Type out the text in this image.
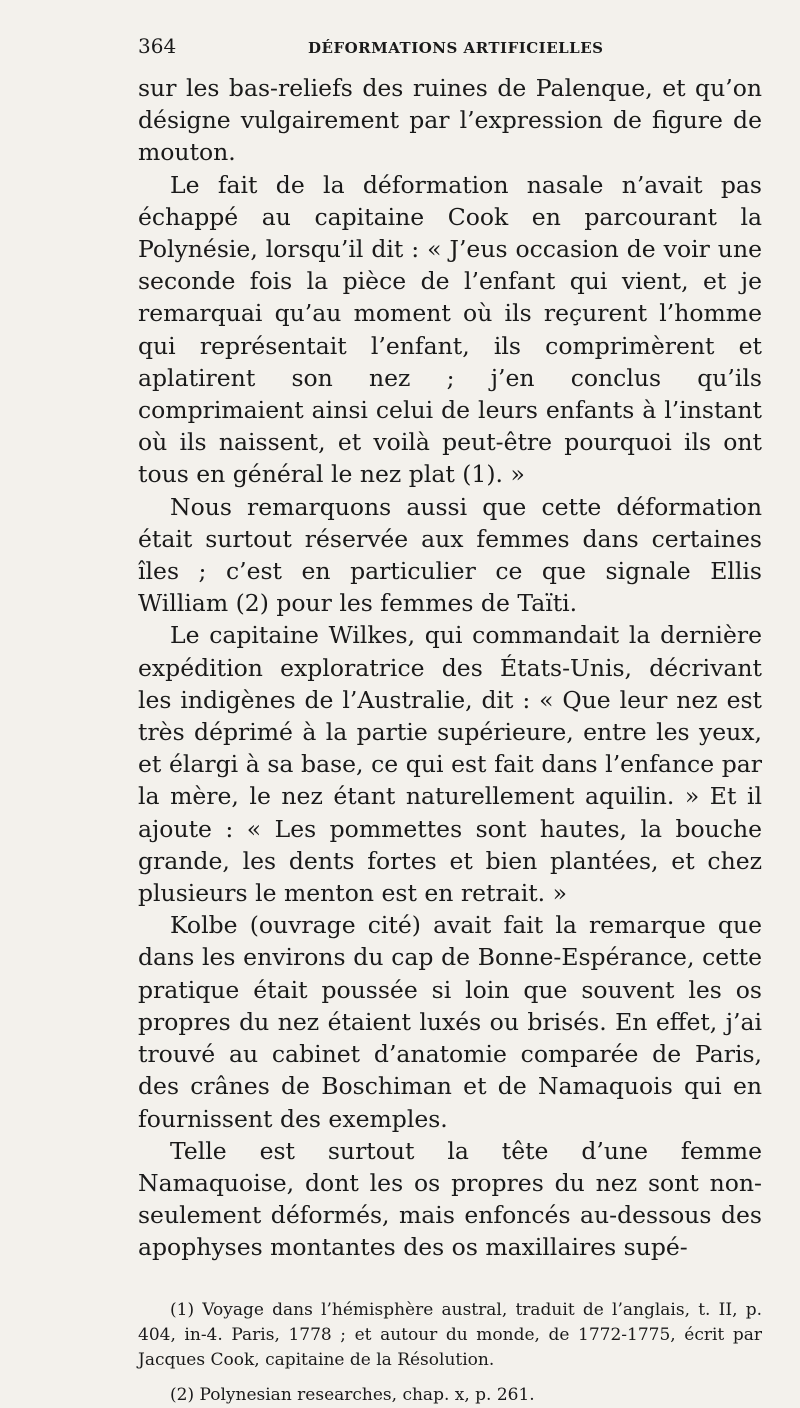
364	DÉFORMATIONS ARTIFICIELLES

sur les bas-reliefs des ruines de Palenque, et qu’on désigne vulgairement par l’expression de figure de mouton.

Le fait de la déformation nasale n’avait pas échappé au capitaine Cook en parcourant la Polynésie, lorsqu’il dit : « J’eus occasion de voir une seconde fois la pièce de l’enfant qui vient, et je remarquai qu’au moment où ils reçurent l’homme qui représentait l’enfant, ils comprimèrent et aplatirent son nez ; j’en conclus qu’ils comprimaient ainsi celui de leurs enfants à l’instant où ils naissent, et voilà peut-être pourquoi ils ont tous en général le nez plat (1). »

Nous remarquons aussi que cette déformation était surtout réservée aux femmes dans certaines îles ; c’est en particulier ce que signale Ellis William (2) pour les femmes de Taïti.

Le capitaine Wilkes, qui commandait la dernière expédition exploratrice des États-Unis, décrivant les indigènes de l’Australie, dit : « Que leur nez est très déprimé à la partie supérieure, entre les yeux, et élargi à sa base, ce qui est fait dans l’enfance par la mère, le nez étant naturellement aquilin. » Et il ajoute : « Les pommettes sont hautes, la bouche grande, les dents fortes et bien plantées, et chez plusieurs le menton est en retrait. »

Kolbe (ouvrage cité) avait fait la remarque que dans les environs du cap de Bonne-Espérance, cette pratique était poussée si loin que souvent les os propres du nez étaient luxés ou brisés. En effet, j’ai trouvé au cabinet d’anatomie comparée de Paris, des crânes de Boschiman et de Namaquois qui en fournissent des exemples.

Telle est surtout la tête d’une femme Namaquoise, dont les os propres du nez sont non-seulement déformés, mais enfoncés au-dessous des apophyses montantes des os maxillaires supé-

(1) Voyage dans l’hémisphère austral, traduit de l’anglais, t. II, p. 404, in-4. Paris, 1778 ; et autour du monde, de 1772-1775, écrit par Jacques Cook, capitaine de la Résolution.

(2) Polynesian researches, chap. x, p. 261.
